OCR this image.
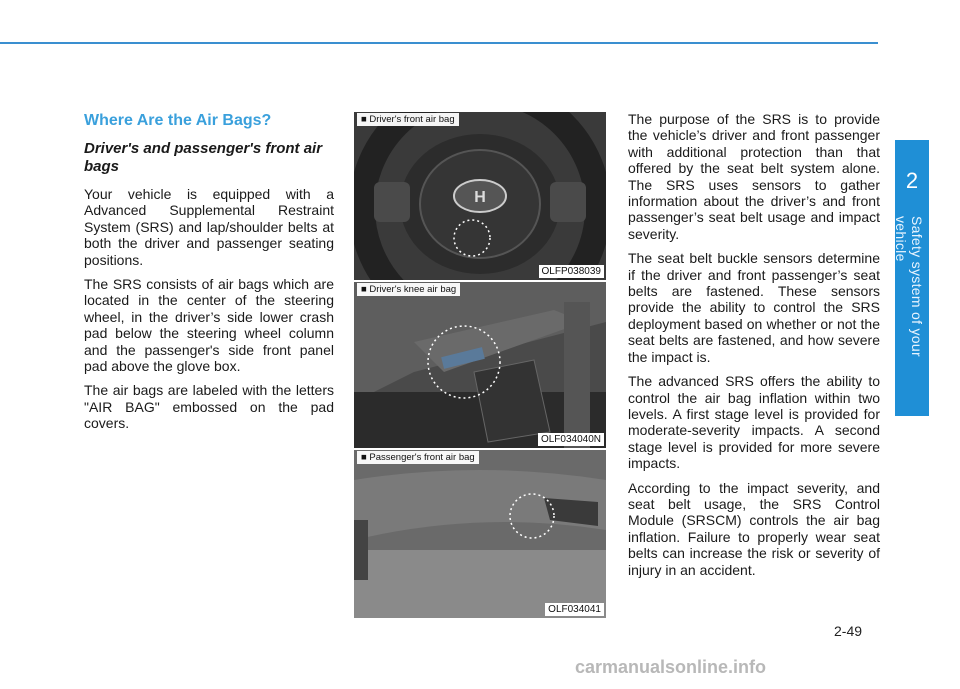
2
Safety system of your vehicle
Where Are the Air Bags?
Driver's and passenger's front air bags

Your vehicle is equipped with a Advanced Supplemental Restraint System (SRS) and lap/shoulder belts at both the driver and passenger seating positions.

The SRS consists of air bags which are located in the center of the steering wheel, in the driver’s side lower crash pad below the steering wheel column and the passenger's side front panel pad above the glove box.

The air bags are labeled with the letters "AIR BAG" embossed on the pad covers.

H
■ Driver's front air bag
OLFP038039
■ Driver's knee air bag
OLF034040N
■ Passenger's front air bag
OLF034041

The purpose of the SRS is to provide the vehicle’s driver and front passenger with additional protection than that offered by the seat belt system alone. The SRS uses sensors to gather information about the driver’s and front passenger’s seat belt usage and impact severity.

The seat belt buckle sensors determine if the driver and front passenger’s seat belts are fastened. These sensors provide the ability to control the SRS deployment based on whether or not the seat belts are fastened, and how severe the impact is.

The advanced SRS offers the ability to control the air bag inflation within two levels. A first stage level is provided for moderate-severity impacts. A second stage level is provided for more severe impacts.

According to the impact severity, and seat belt usage, the SRS Control Module (SRSCM) controls the air bag inflation. Failure to properly wear seat belts can increase the risk or severity of injury in an accident.

2-49
carmanualsonline.info
